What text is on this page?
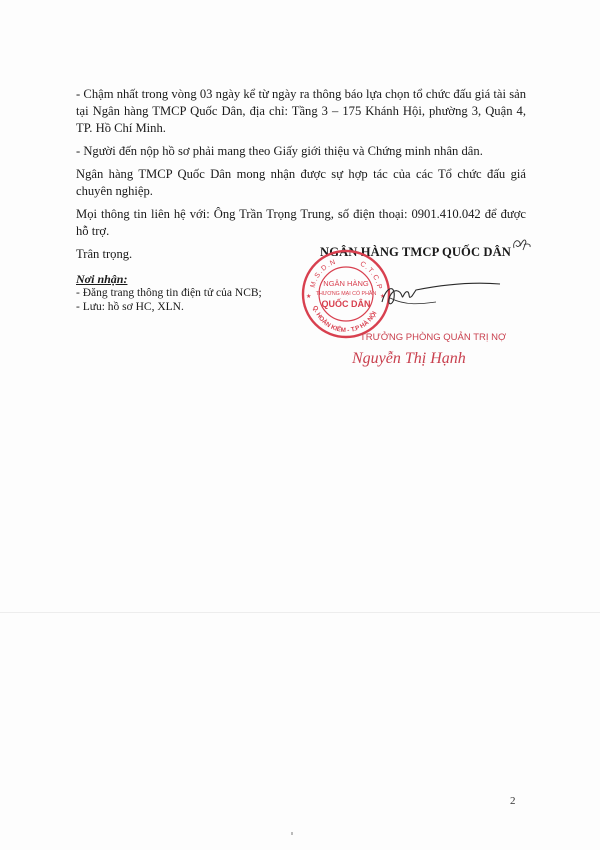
- Chậm nhất trong vòng 03 ngày kể từ ngày ra thông báo lựa chọn tổ chức đấu giá tài sản tại Ngân hàng TMCP Quốc Dân, địa chỉ: Tầng 3 – 175 Khánh Hội, phường 3, Quận 4, TP. Hồ Chí Minh.

- Người đến nộp hồ sơ phải mang theo Giấy giới thiệu và Chứng minh nhân dân.

Ngân hàng TMCP Quốc Dân mong nhận được sự hợp tác của các Tổ chức đấu giá chuyên nghiệp.

Mọi thông tin liên hệ với: Ông Trần Trọng Trung, số điện thoại: 0901.410.042 để được hỗ trợ.

Trân trọng.

Nơi nhận:
- Đăng trang thông tin điện tử của NCB;
- Lưu: hồ sơ HC, XLN.
NGÂN HÀNG TMCP QUỐC DÂN
M.S.D.N	C.T.C.P
Q. HOÀN KIẾM - T.P HÀ NỘI
NGÂN HÀNG
THƯƠNG MẠI CỔ PHẦN
QUỐC DÂN
★	★
TRƯỞNG PHÒNG QUẢN TRỊ NỢ
Nguyễn Thị Hạnh
2
